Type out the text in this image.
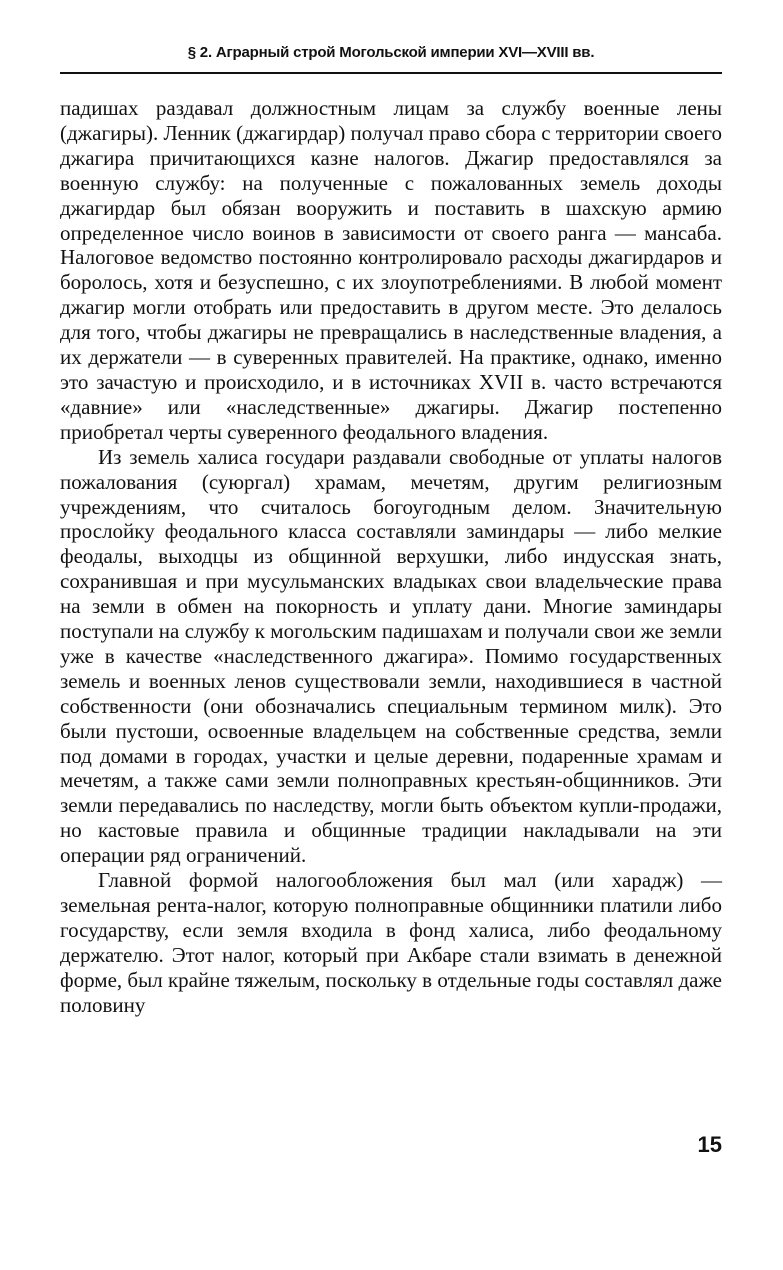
§ 2. Аграрный строй Могольской империи XVI—XVIII вв.

падишах раздавал должностным лицам за службу военные лены (джагиры). Ленник (джагирдар) получал право сбора с территории своего джагира причитающихся казне налогов. Джагир предоставлялся за военную службу: на полученные с пожалованных земель доходы джагирдар был обязан вооружить и поставить в шахскую армию определенное число воинов в зависимости от своего ранга — мансаба. Налоговое ведомство постоянно контролировало расходы джагирдаров и боролось, хотя и безуспешно, с их злоупотреблениями. В любой момент джагир могли отобрать или предоставить в другом месте. Это делалось для того, чтобы джагиры не превращались в наследственные владения, а их держатели — в суверенных правителей. На практике, однако, именно это зачастую и происходило, и в источниках XVII в. часто встречаются «давние» или «наследственные» джагиры. Джагир постепенно приобретал черты суверенного феодального владения.

Из земель халиса государи раздавали свободные от уплаты налогов пожалования (суюргал) храмам, мечетям, другим религиозным учреждениям, что считалось богоугодным делом. Значительную прослойку феодального класса составляли заминдары — либо мелкие феодалы, выходцы из общинной верхушки, либо индусская знать, сохранившая и при мусульманских владыках свои владельческие права на земли в обмен на покорность и уплату дани. Многие заминдары поступали на службу к могольским падишахам и получали свои же земли уже в качестве «наследственного джагира». Помимо государственных земель и военных ленов существовали земли, находившиеся в частной собственности (они обозначались специальным термином милк). Это были пустоши, освоенные владельцем на собственные средства, земли под домами в городах, участки и целые деревни, подаренные храмам и мечетям, а также сами земли полноправных крестьян-общинников. Эти земли передавались по наследству, могли быть объектом купли-продажи, но кастовые правила и общинные традиции накладывали на эти операции ряд ограничений.

Главной формой налогообложения был мал (или харадж) — земельная рента-налог, которую полноправные общинники платили либо государству, если земля входила в фонд халиса, либо феодальному держателю. Этот налог, который при Акбаре стали взимать в денежной форме, был крайне тяжелым, поскольку в отдельные годы составлял даже половину

15
